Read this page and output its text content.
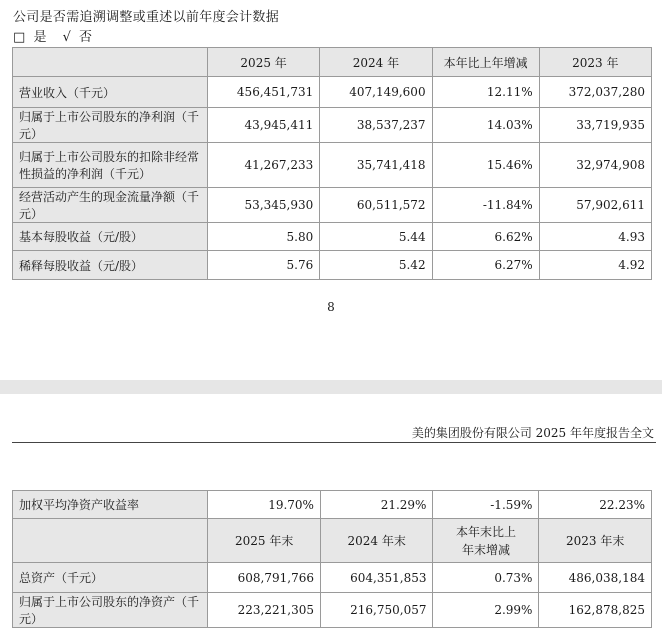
公司是否需追溯调整或重述以前年度会计数据
□ 是 √ 否
	2025 年	2024 年	本年比上年增减	2023 年
营业收入（千元）	456,451,731	407,149,600	12.11%	372,037,280
归属于上市公司股东的净利润（千元）	43,945,411	38,537,237	14.03%	33,719,935
归属于上市公司股东的扣除非经常性损益的净利润（千元）	41,267,233	35,741,418	15.46%	32,974,908
经营活动产生的现金流量净额（千元）	53,345,930	60,511,572	-11.84%	57,902,611
基本每股收益（元/股）	5.80	5.44	6.62%	4.93
稀释每股收益（元/股）	5.76	5.42	6.27%	4.92
8
美的集团股份有限公司 2025 年年度报告全文
加权平均净资产收益率	19.70%	21.29%	-1.59%	22.23%
	2025 年末	2024 年末	本年末比上年末增减	2023 年末
总资产（千元）	608,791,766	604,351,853	0.73%	486,038,184
归属于上市公司股东的净资产（千元）	223,221,305	216,750,057	2.99%	162,878,825
